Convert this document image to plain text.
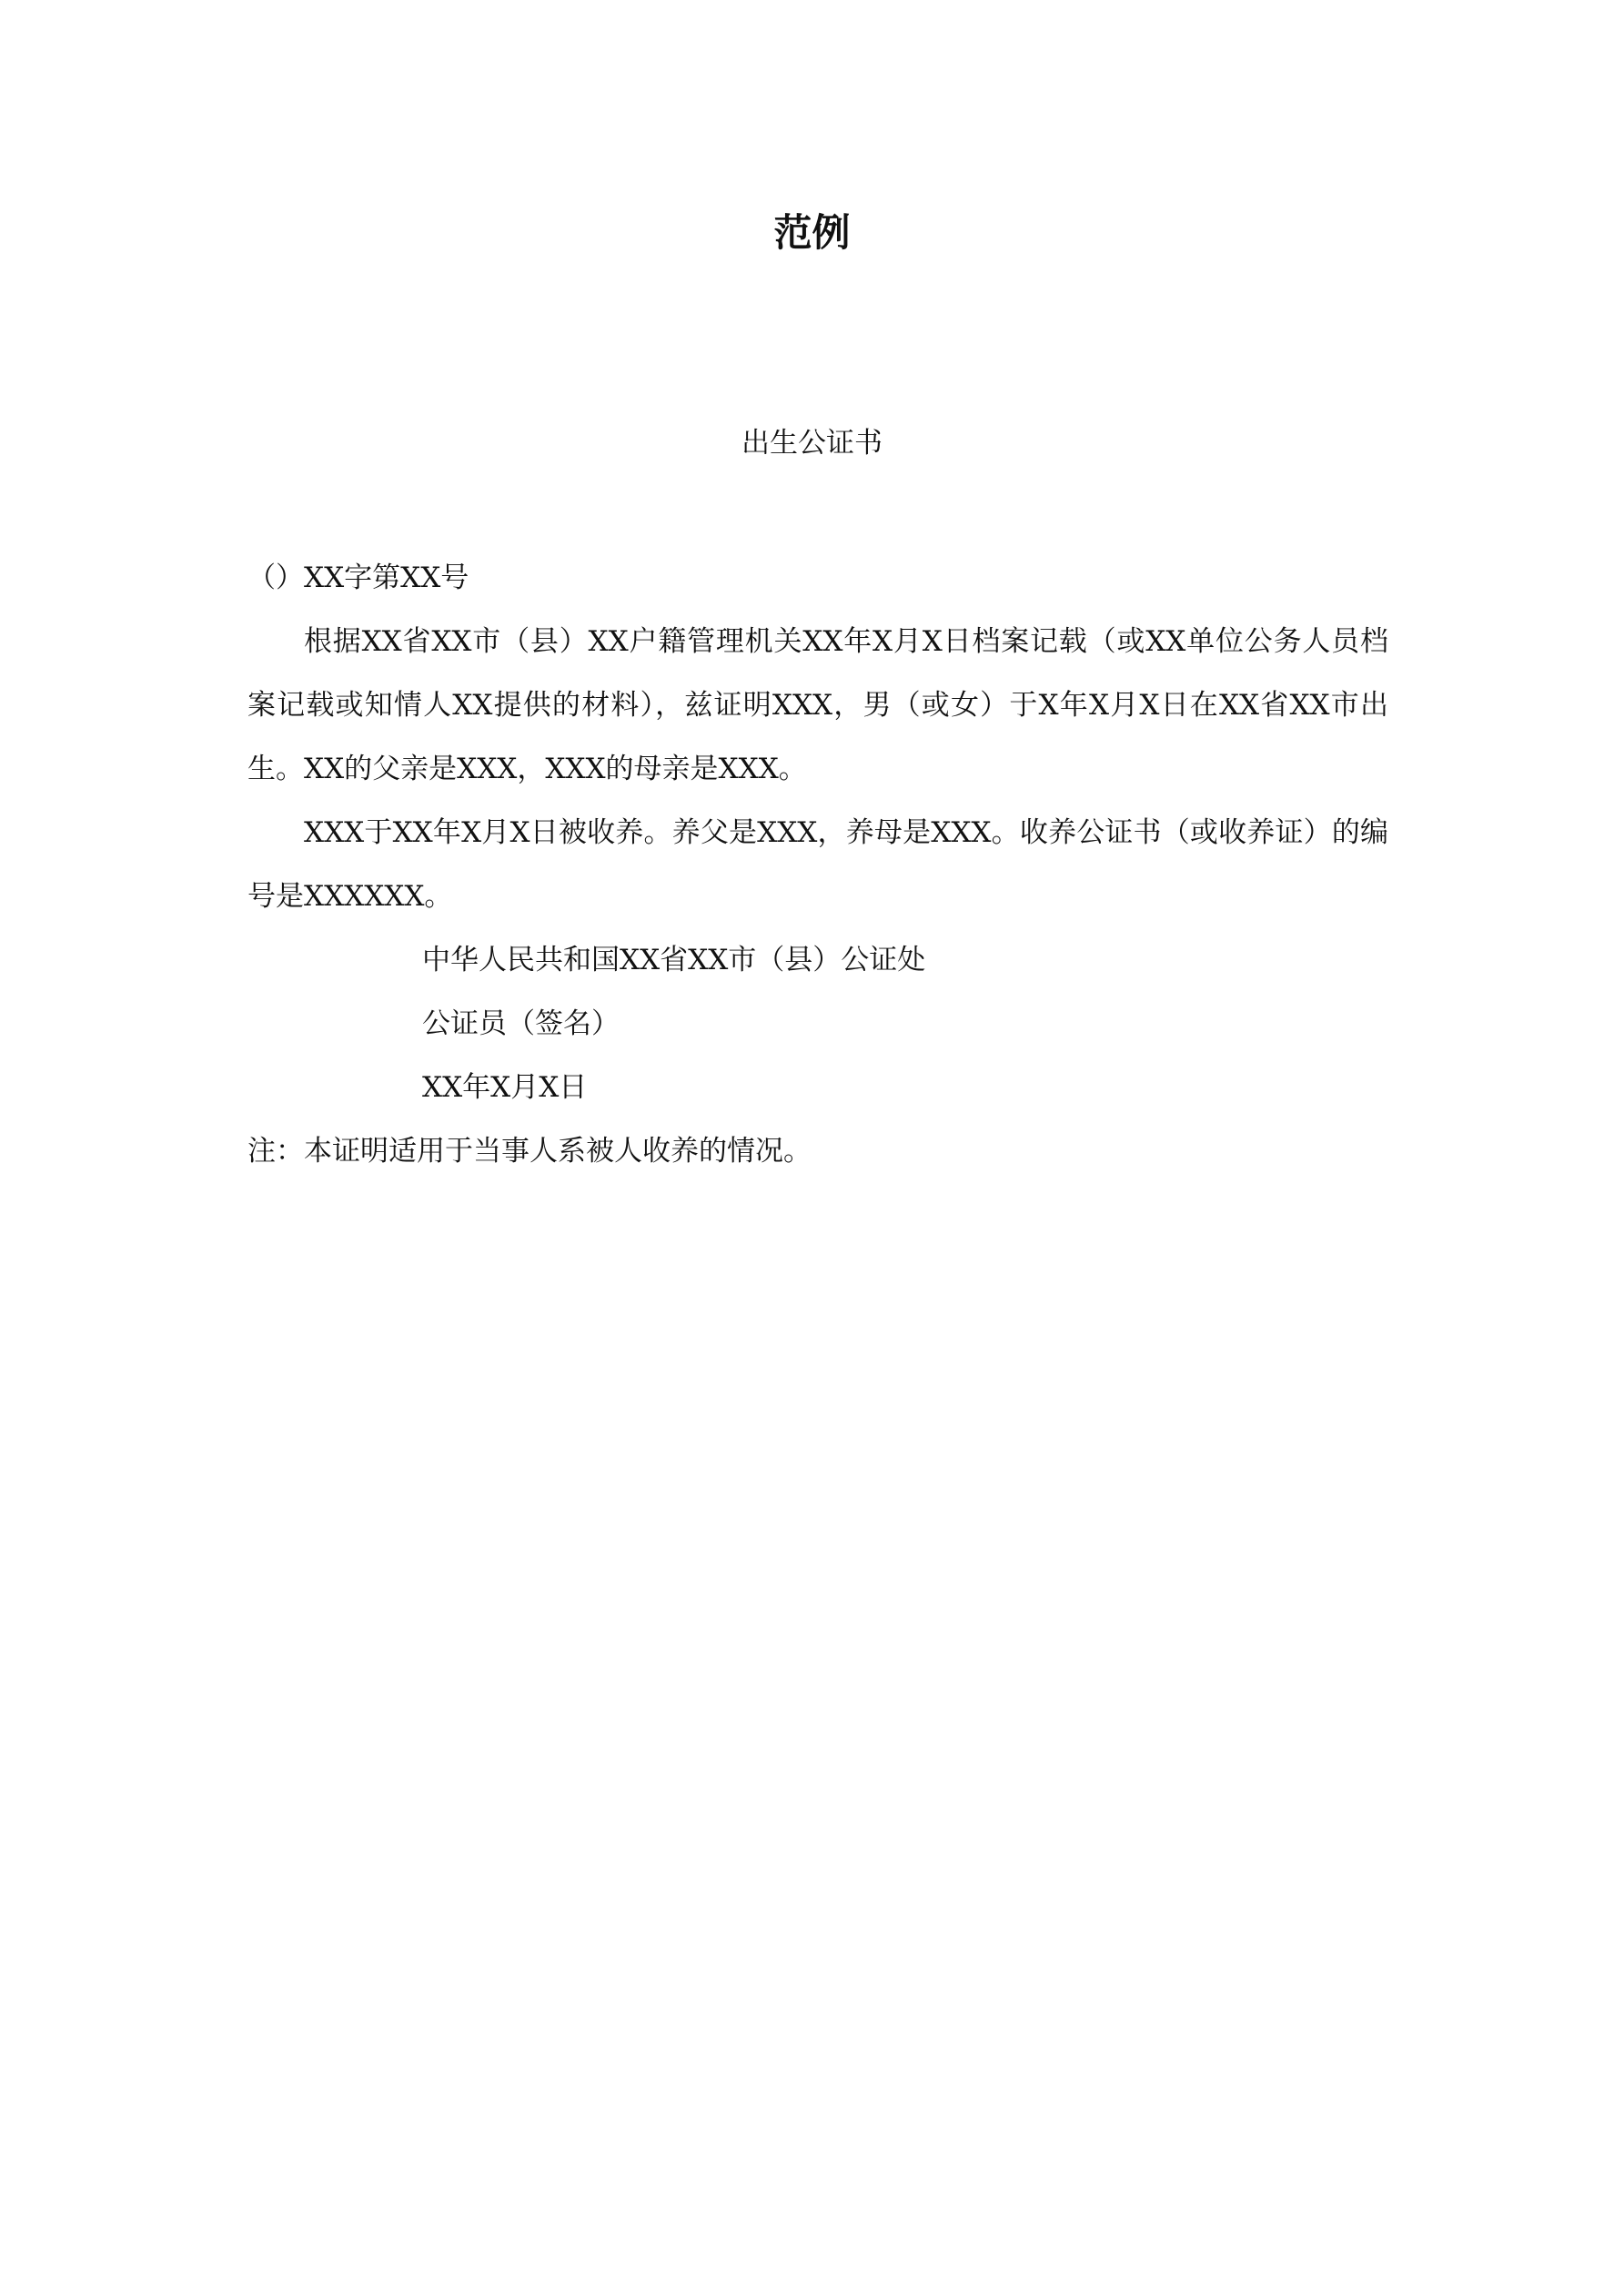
范例
出生公证书
（）XX字第XX号

根据XX省XX市（县）XX户籍管理机关XX年X月X日档案记载（或XX单位公务人员档案记载或知情人XX提供的材料），兹证明XXX，男（或女）于X年X月X日在XX省XX市出生。XX的父亲是XXX，XXX的母亲是XXX。

XXX于XX年X月X日被收养。养父是XXX，养母是XXX。收养公证书（或收养证）的编号是XXXXXX。

中华人民共和国XX省XX市（县）公证处
公证员（签名）
XX年X月X日
注：本证明适用于当事人系被人收养的情况。
